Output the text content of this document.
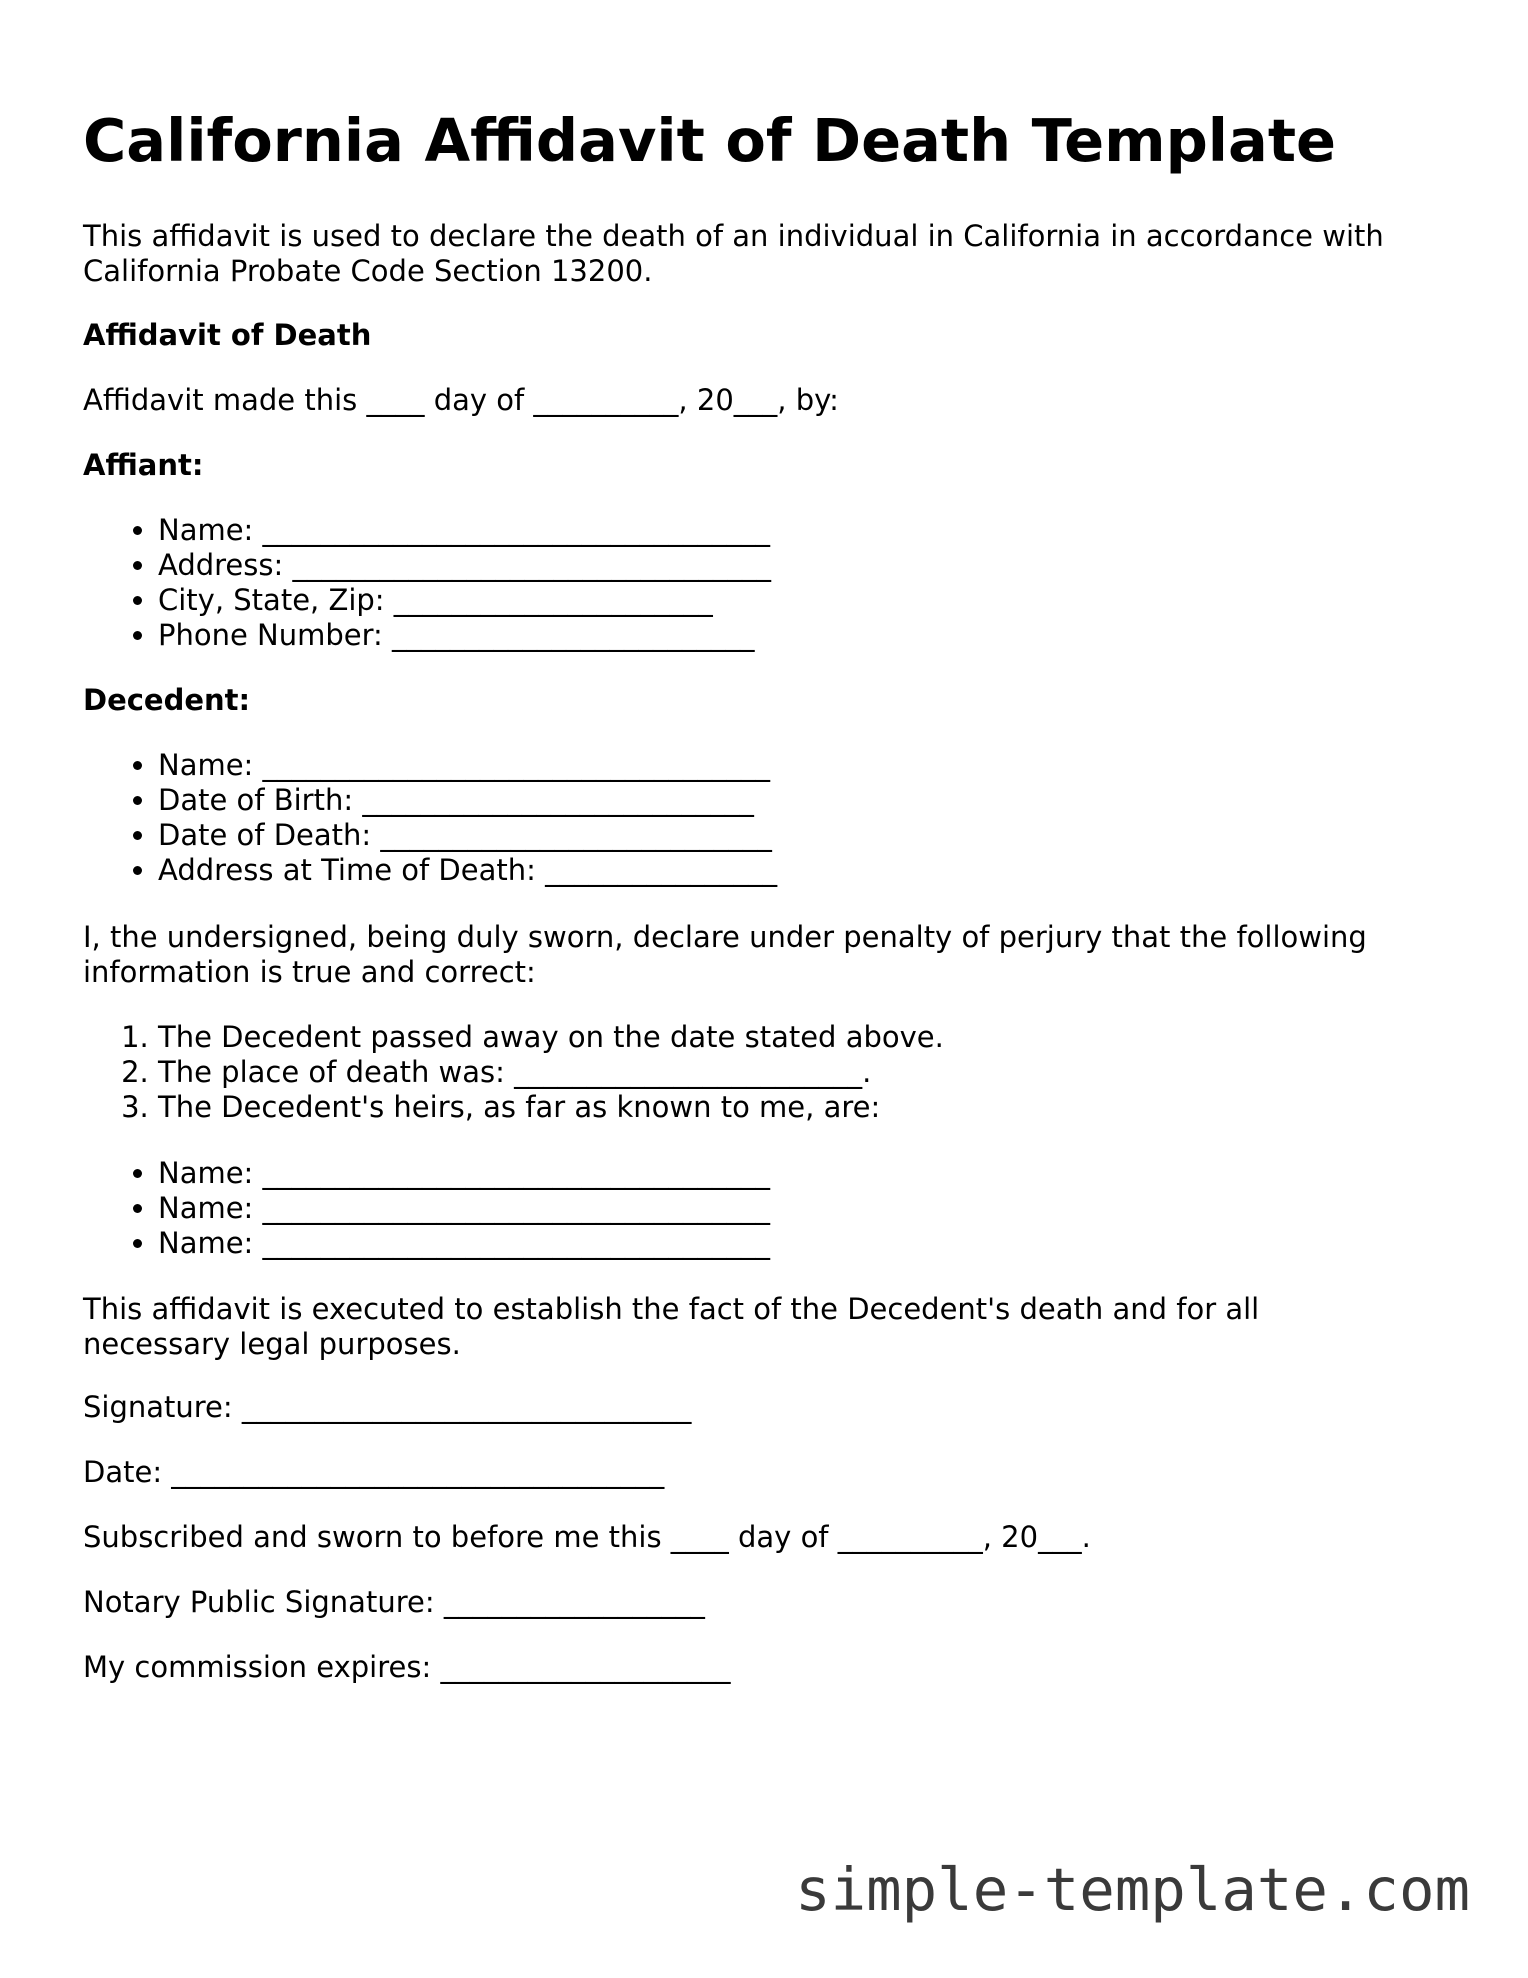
California Affidavit of Death Template
This affidavit is used to declare the death of an individual in California in accordance with
California Probate Code Section 13200.
Affidavit of Death
Affidavit made this ____ day of __________, 20___, by:
Affiant:
• Name: ___________________________________
• Address: _________________________________
• City, State, Zip: ______________________
• Phone Number: _________________________
Decedent:
• Name: ___________________________________
• Date of Birth: ___________________________
• Date of Death: ___________________________
• Address at Time of Death: ________________
I, the undersigned, being duly sworn, declare under penalty of perjury that the following
information is true and correct:
1. The Decedent passed away on the date stated above.
2. The place of death was: ________________________.
3. The Decedent's heirs, as far as known to me, are:
• Name: ___________________________________
• Name: ___________________________________
• Name: ___________________________________
This affidavit is executed to establish the fact of the Decedent's death and for all
necessary legal purposes.
Signature: _______________________________
Date: __________________________________
Subscribed and sworn to before me this ____ day of __________, 20___.
Notary Public Signature: __________________
My commission expires: ____________________
simple-template.com
